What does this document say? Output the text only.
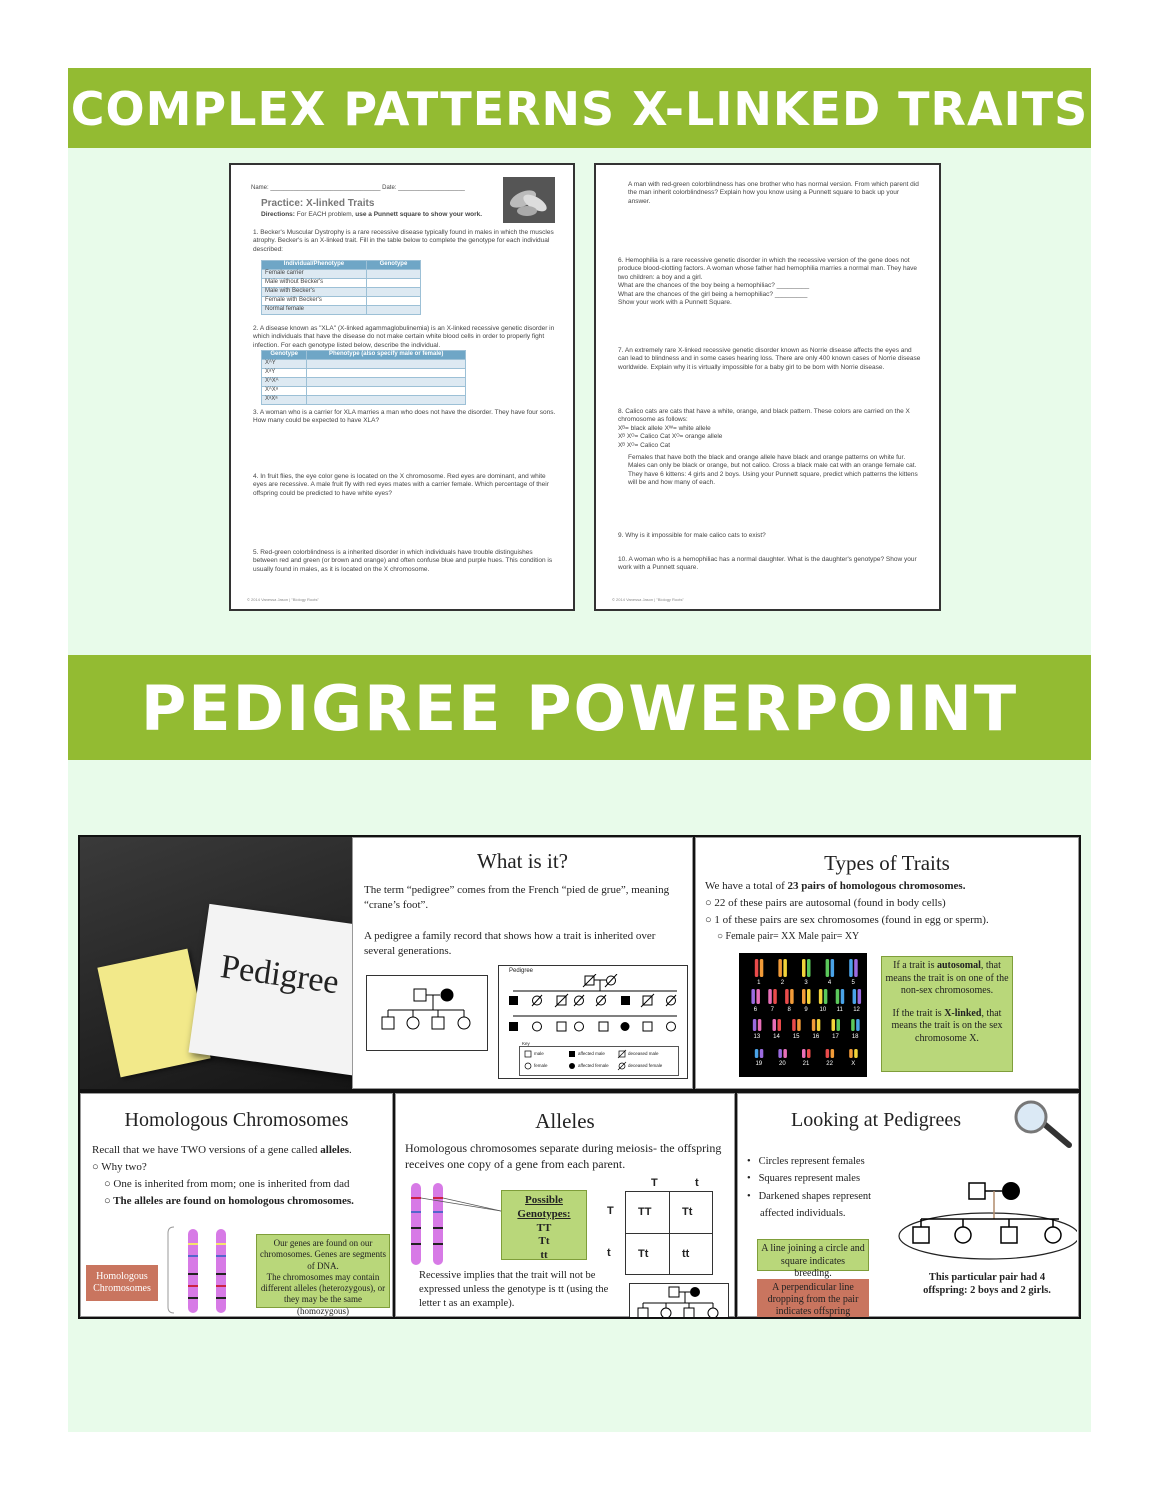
COMPLEX PATTERNS X-LINKED TRAITS
Name: _________________________________ Date: ____________________
Practice: X-linked Traits
Directions: For EACH problem, use a Punnett square to show your work.
1. Becker's Muscular Dystrophy is a rare recessive disease typically found in males in which the muscles atrophy. Becker's is an X-linked trait. Fill in the table below to complete the genotype for each individual described:
Individual/Phenotype	Genotype
Female carrier	
Male without Becker's	
Male with Becker's	
Female with Becker's	
Normal female	
2. A disease known as "XLA" (X-linked agammaglobulinemia) is an X-linked recessive genetic disorder in which individuals that have the disease do not make certain white blood cells in order to properly fight infection. For each genotype listed below, describe the individual.
Genotype	Phenotype (also specify male or female)
XᴬY	
XᵃY	
XᴬXᴬ	
XᴬXᵃ	
XᵃXᵃ	
3. A woman who is a carrier for XLA marries a man who does not have the disorder. They have four sons. How many could be expected to have XLA?
4. In fruit flies, the eye color gene is located on the X chromosome. Red eyes are dominant, and white eyes are recessive. A male fruit fly with red eyes mates with a carrier female. Which percentage of their offspring could be predicted to have white eyes?
5. Red-green colorblindness is a inherited disorder in which individuals have trouble distinguishes between red and green (or brown and orange) and often confuse blue and purple hues. This condition is usually found in males, as it is located on the X chromosome.
© 2014 Vanessa Jason | "Biology Roots"
A man with red-green colorblindness has one brother who has normal version. From which parent did the man inherit colorblindness? Explain how you know using a Punnett square to back up your answer.
6. Hemophilia is a rare recessive genetic disorder in which the recessive version of the gene does not produce blood-clotting factors. A woman whose father had hemophilia marries a normal man. They have two children: a boy and a girl.
What are the chances of the boy being a hemophiliac? _________
What are the chances of the girl being a hemophiliac? _________
Show your work with a Punnett Square.
7. An extremely rare X-linked recessive genetic disorder known as Norrie disease affects the eyes and can lead to blindness and in some cases hearing loss. There are only 400 known cases of Norrie disease worldwide. Explain why it is virtually impossible for a baby girl to be born with Norrie disease.
8. Calico cats are cats that have a white, orange, and black pattern. These colors are carried on the X chromosome as follows:
Xᴮ= black allele Xᵂ= white allele
Xᴮ Xᴼ= Calico Cat Xᴼ= orange allele
Xᴮ Xᴼ= Calico Cat
Females that have both the black and orange allele have black and orange patterns on white fur. Males can only be black or orange, but not calico. Cross a black male cat with an orange female cat. They have 6 kittens: 4 girls and 2 boys. Using your Punnett square, predict which patterns the kittens will be and how many of each.
9. Why is it impossible for male calico cats to exist?
10. A woman who is a hemophiliac has a normal daughter. What is the daughter's genotype? Show your work with a Punnett square.
© 2014 Vanessa Jason | "Biology Roots"
PEDIGREE POWERPOINT
Pedigree
What is it?
The term “pedigree” comes from the French “pied de grue”, meaning “crane’s foot”.
A pedigree a family record that shows how a trait is inherited over several generations.
Pedigree
Key
male	affected male	deceased male
female	affected female	deceased female
Types of Traits
We have a total of 23 pairs of homologous chromosomes.
○ 22 of these pairs are autosomal (found in body cells)
○ 1 of these pairs are sex chromosomes (found in egg or sperm).
○ Female pair= XX Male pair= XY
1	2	3	4	5
6 7 8 9 10 11 12
13 14 15 16 17 18
19	20	21	22	X
If a trait is autosomal, that means the trait is on one of the non-sex chromosomes.
If the trait is X-linked, that means the trait is on the sex chromosome X.
Homologous Chromosomes
Recall that we have TWO versions of a gene called alleles.
○ Why two?
○ One is inherited from mom; one is inherited from dad
○ The alleles are found on homologous chromosomes.
Homologous Chromosomes
Our genes are found on our chromosomes. Genes are segments of DNA.
The chromosomes may contain different alleles (heterozygous), or they may be the same (homozygous)
Alleles
Homologous chromosomes separate during meiosis- the offspring receives one copy of a gene from each parent.
Possible Genotypes:
TT
Tt
tt
T	t
T
t
TT	Tt
Tt	tt
Recessive implies that the trait will not be expressed unless the genotype is tt (using the letter t as an example).
Looking at Pedigrees
•   Circles represent females
•   Squares represent males
•   Darkened shapes represent affected individuals.
A line joining a circle and square indicates breeding.
A perpendicular line dropping from the pair indicates offspring
This particular pair had 4 offspring: 2 boys and 2 girls.
